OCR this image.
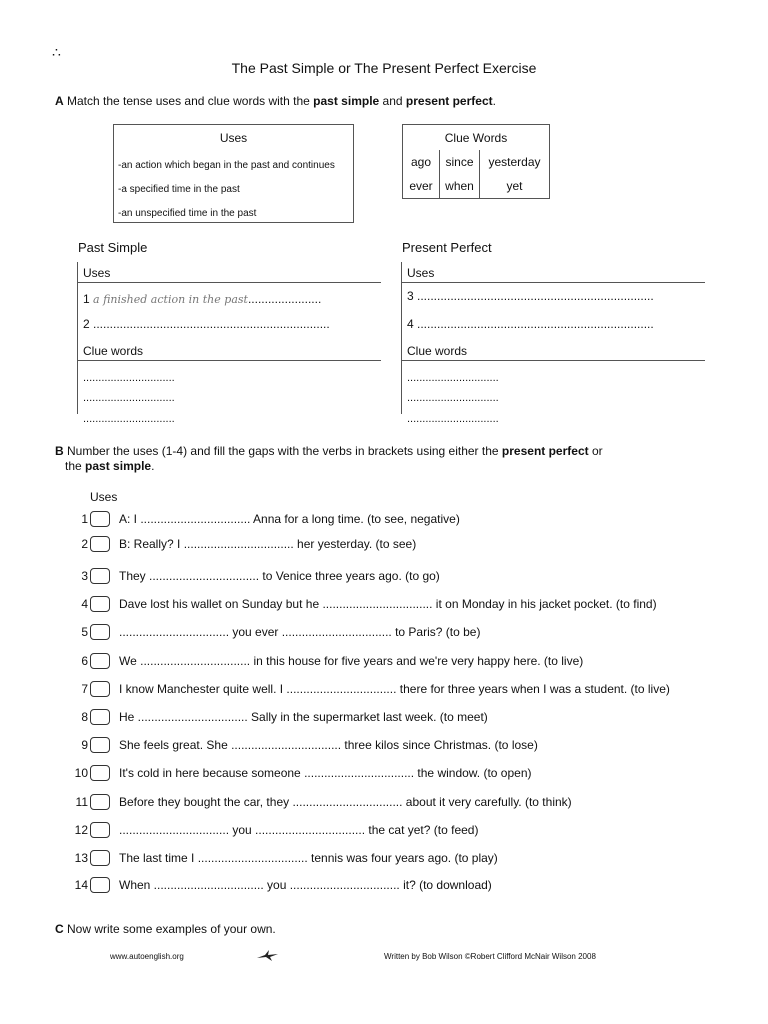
∴
The Past Simple or The Present Perfect Exercise
A Match the tense uses and clue words with the past simple and present perfect.
Uses
-an action which began in the past and continues
-a specified time in the past
-an unspecified time in the past
Clue Words
ago	since	yesterday
ever	when	yet
Past Simple
Uses
1 a finished action in the past......................
2 .......................................................................
Clue words
..............................
..............................
..............................
Present Perfect
Uses
3 .......................................................................
4 .......................................................................
Clue words
..............................
..............................
..............................
B Number the uses (1-4) and fill the gaps with the verbs in brackets using either the present perfect or
the past simple.
Uses
1	A: I ................................. Anna for a long time. (to see, negative)
2	B: Really? I ................................. her yesterday. (to see)
3	They ................................. to Venice three years ago. (to go)
4	Dave lost his wallet on Sunday but he ................................. it on Monday in his jacket pocket. (to find)
5	................................. you ever ................................. to Paris? (to be)
6	We ................................. in this house for five years and we're very happy here. (to live)
7	I know Manchester quite well. I ................................. there for three years when I was a student. (to live)
8	He ................................. Sally in the supermarket last week. (to meet)
9	She feels great. She ................................. three kilos since Christmas. (to lose)
10	It's cold in here because someone ................................. the window. (to open)
11	Before they bought the car, they ................................. about it very carefully. (to think)
12	................................. you ................................. the cat yet? (to feed)
13	The last time I ................................. tennis was four years ago. (to play)
14	When ................................. you ................................. it? (to download)
C Now write some examples of your own.
www.autoenglish.org	Written by Bob Wilson ©Robert Clifford McNair Wilson 2008
